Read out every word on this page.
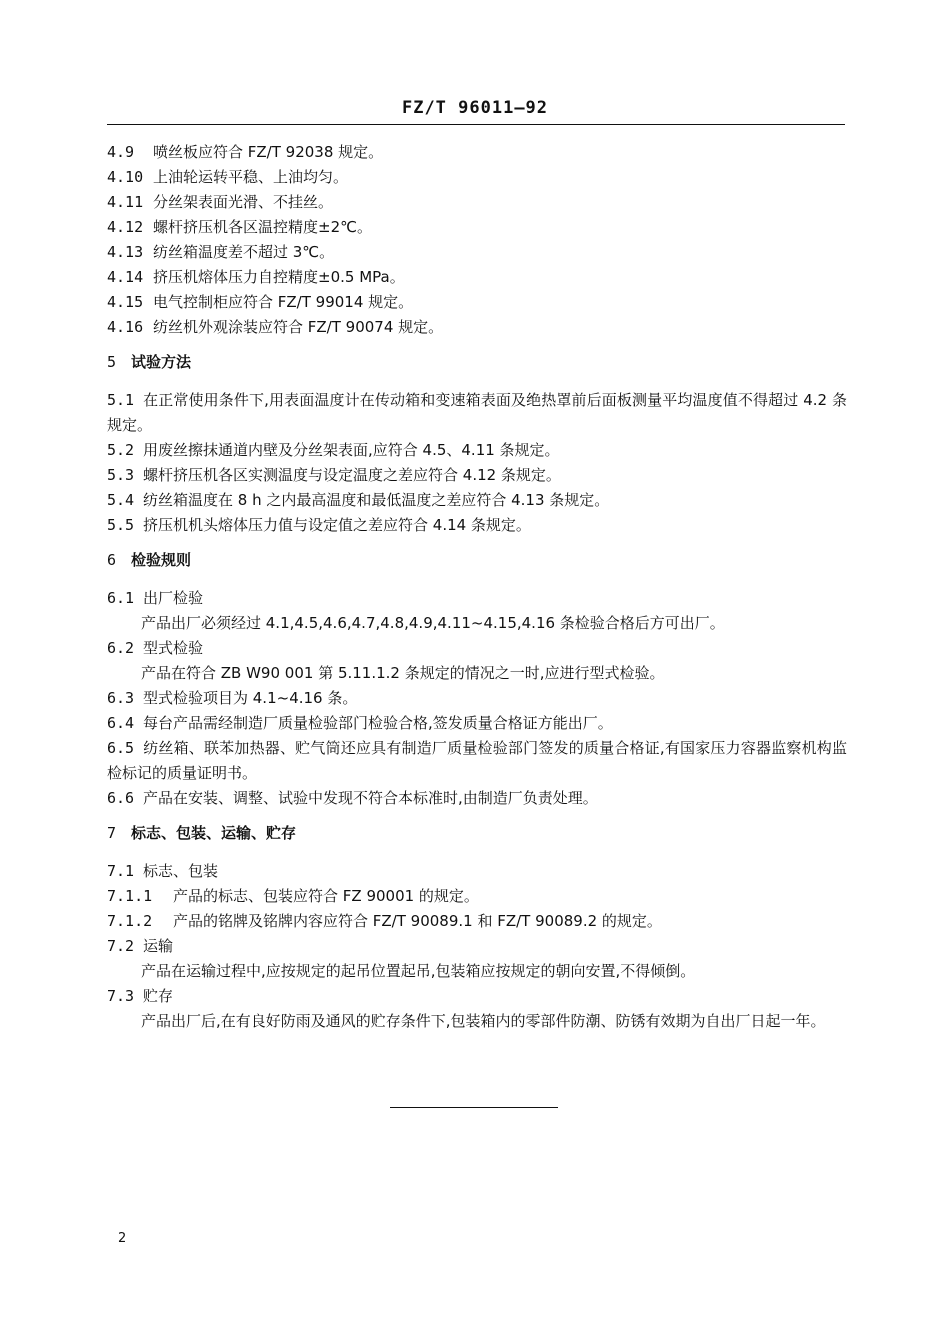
FZ/T 96011—92
4.9 喷丝板应符合 FZ/T 92038 规定。
4.10 上油轮运转平稳、上油均匀。
4.11 分丝架表面光滑、不挂丝。
4.12 螺杆挤压机各区温控精度±2℃。
4.13 纺丝箱温度差不超过 3℃。
4.14 挤压机熔体压力自控精度±0.5 MPa。
4.15 电气控制柜应符合 FZ/T 99014 规定。
4.16 纺丝机外观涂装应符合 FZ/T 90074 规定。
5 试验方法
5.1 在正常使用条件下,用表面温度计在传动箱和变速箱表面及绝热罩前后面板测量平均温度值不得超过 4.2 条规定。
5.2 用废丝擦抹通道内壁及分丝架表面,应符合 4.5、4.11 条规定。
5.3 螺杆挤压机各区实测温度与设定温度之差应符合 4.12 条规定。
5.4 纺丝箱温度在 8 h 之内最高温度和最低温度之差应符合 4.13 条规定。
5.5 挤压机机头熔体压力值与设定值之差应符合 4.14 条规定。
6 检验规则
6.1 出厂检验
产品出厂必须经过 4.1,4.5,4.6,4.7,4.8,4.9,4.11~4.15,4.16 条检验合格后方可出厂。
6.2 型式检验
产品在符合 ZB W90 001 第 5.11.1.2 条规定的情况之一时,应进行型式检验。
6.3 型式检验项目为 4.1~4.16 条。
6.4 每台产品需经制造厂质量检验部门检验合格,签发质量合格证方能出厂。
6.5 纺丝箱、联苯加热器、贮气筒还应具有制造厂质量检验部门签发的质量合格证,有国家压力容器监察机构监检标记的质量证明书。
6.6 产品在安装、调整、试验中发现不符合本标准时,由制造厂负责处理。
7 标志、包装、运输、贮存
7.1 标志、包装
7.1.1 产品的标志、包装应符合 FZ 90001 的规定。
7.1.2 产品的铭牌及铭牌内容应符合 FZ/T 90089.1 和 FZ/T 90089.2 的规定。
7.2 运输
产品在运输过程中,应按规定的起吊位置起吊,包装箱应按规定的朝向安置,不得倾倒。
7.3 贮存
产品出厂后,在有良好防雨及通风的贮存条件下,包装箱内的零部件防潮、防锈有效期为自出厂日起一年。
2
